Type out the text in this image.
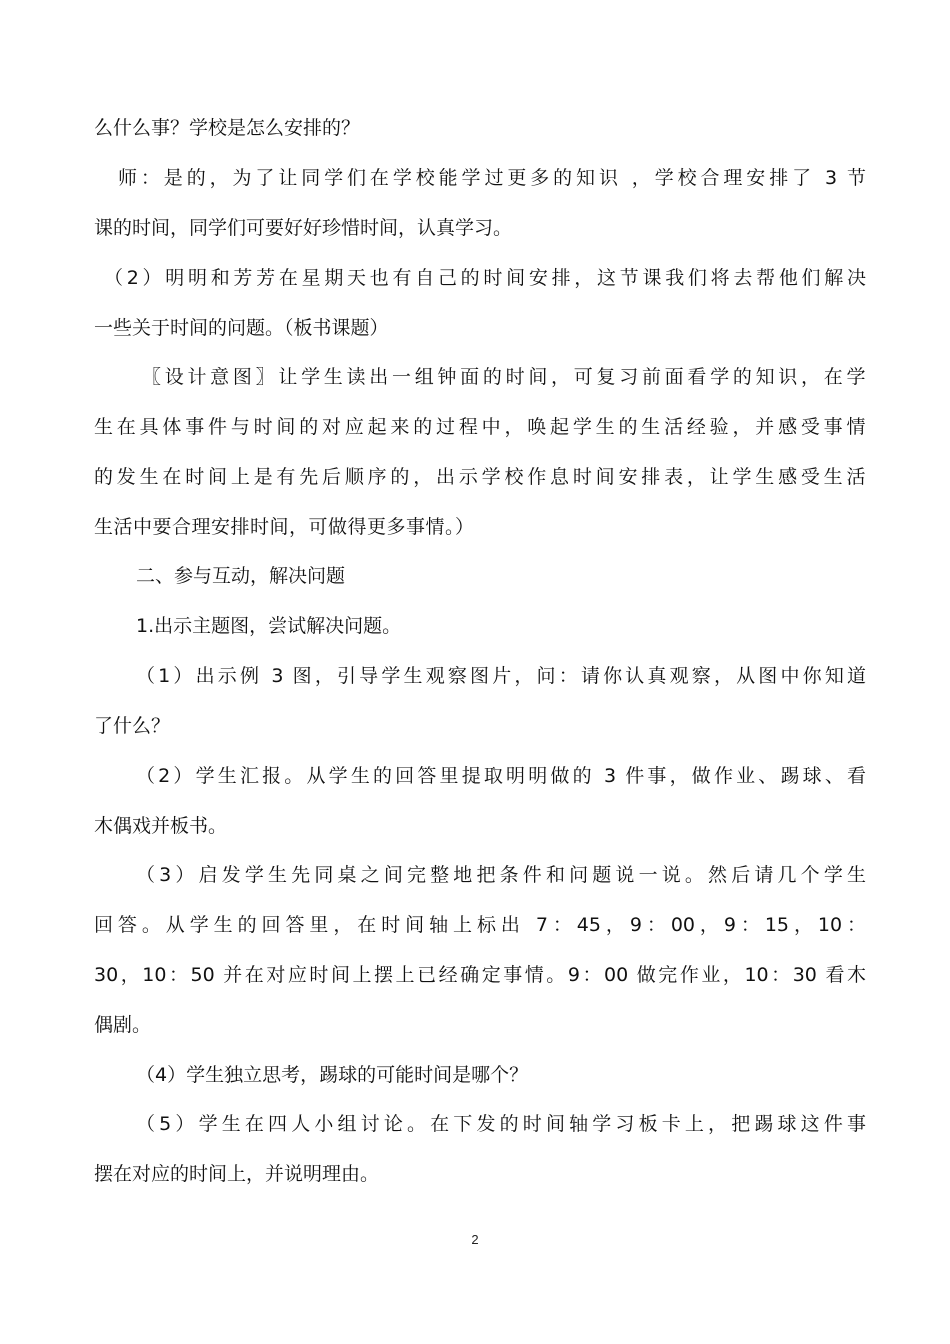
么什么事？学校是怎么安排的？
师：是的，为了让同学们在学校能学过更多的知识 ，学校合理安排了 3 节
课的时间，同学们可要好好珍惜时间，认真学习。
（2）明明和芳芳在星期天也有自己的时间安排，这节课我们将去帮他们解决
一些关于时间的问题。（板书课题）
〖设计意图〗让学生读出一组钟面的时间，可复习前面看学的知识，在学
生在具体事件与时间的对应起来的过程中，唤起学生的生活经验，并感受事情
的发生在时间上是有先后顺序的，出示学校作息时间安排表，让学生感受生活
生活中要合理安排时间，可做得更多事情。）
二、参与互动，解决问题
1.出示主题图，尝试解决问题。
（1）出示例 3 图，引导学生观察图片，问：请你认真观察，从图中你知道
了什么？
（2）学生汇报。从学生的回答里提取明明做的 3 件事，做作业、踢球、看
木偶戏并板书。
（3）启发学生先同桌之间完整地把条件和问题说一说。然后请几个学生
回答。从学生的回答里，在时间轴上标出 7：45，9：00，9：15，10：
30，10：50 并在对应时间上摆上已经确定事情。9：00 做完作业，10：30 看木
偶剧。
（4）学生独立思考，踢球的可能时间是哪个？
（5）学生在四人小组讨论。在下发的时间轴学习板卡上，把踢球这件事
摆在对应的时间上，并说明理由。
2
